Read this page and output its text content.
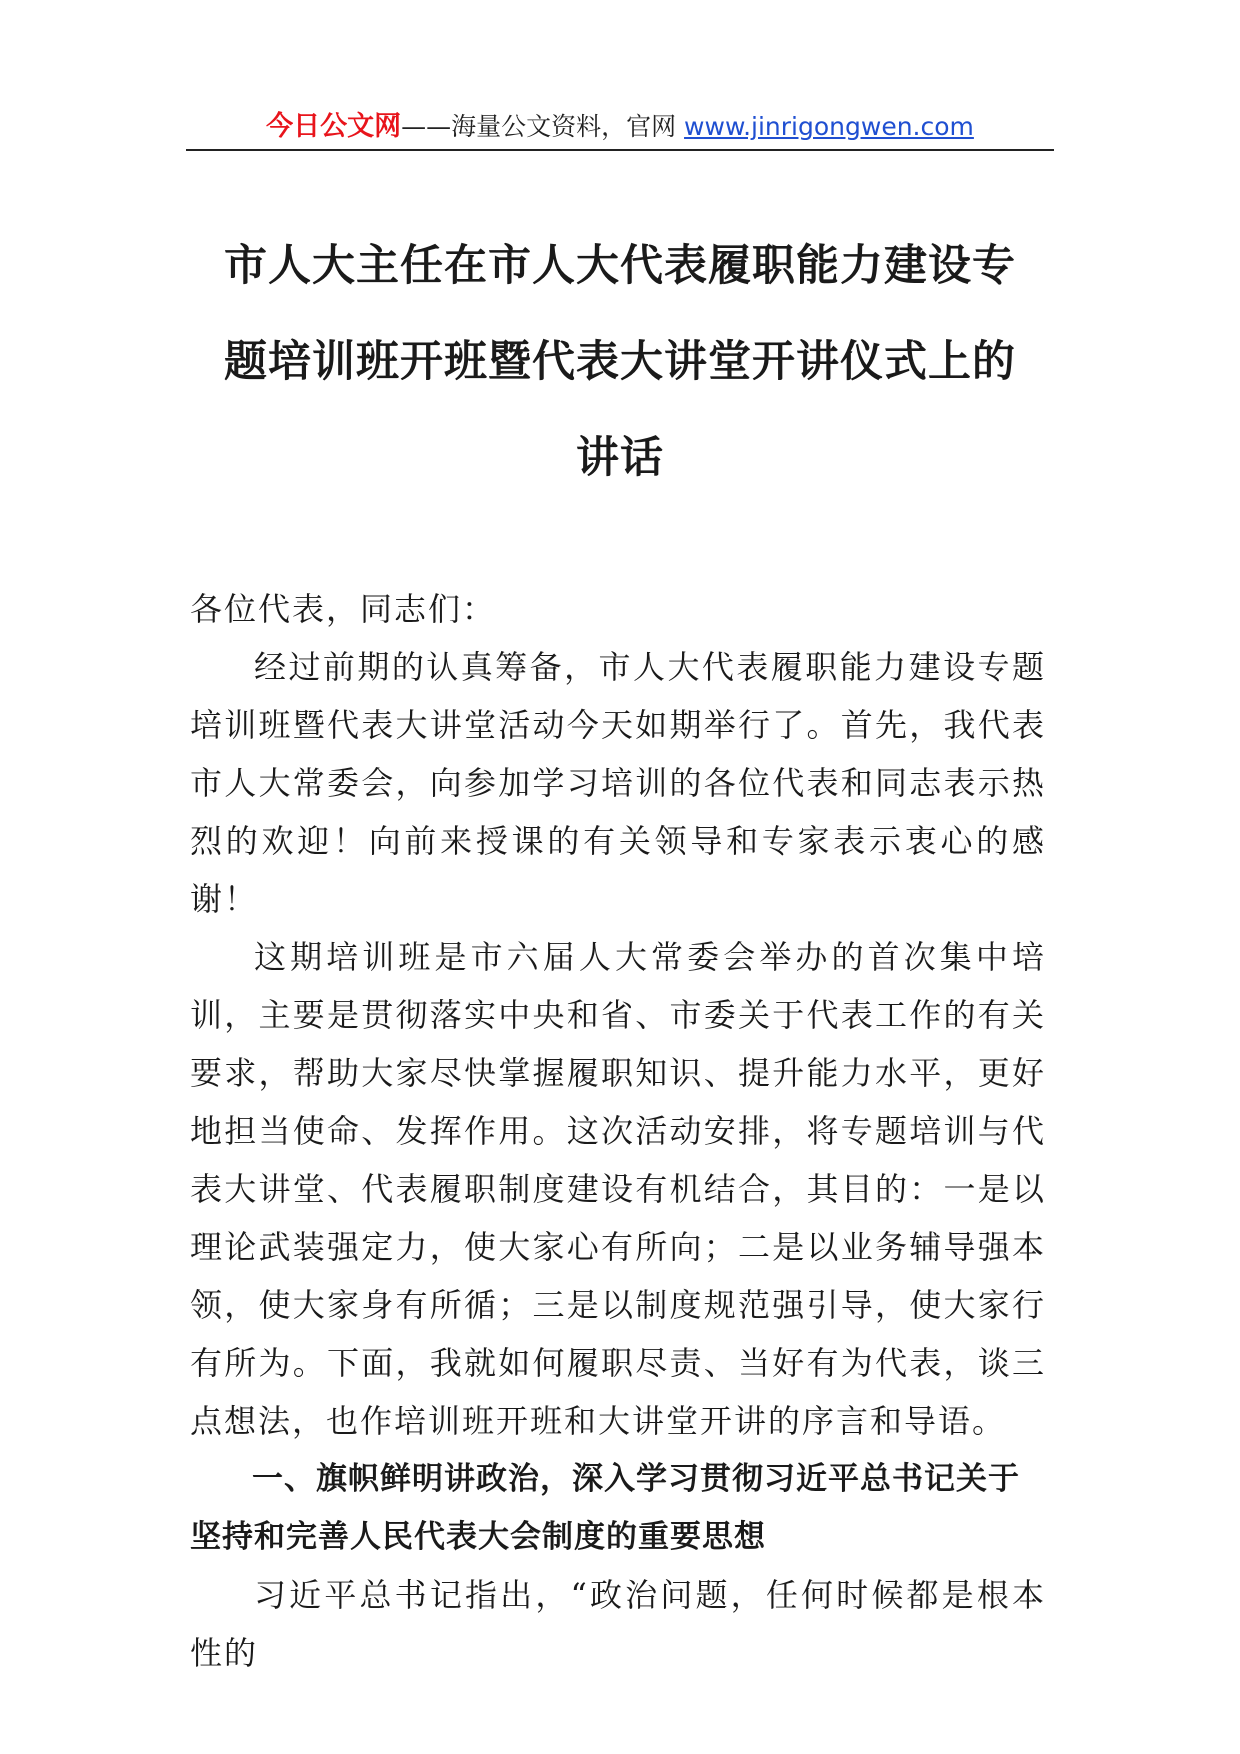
今日公文网——海量公文资料，官网 www.jinrigongwen.com
市人大主任在市人大代表履职能力建设专
题培训班开班暨代表大讲堂开讲仪式上的
讲话

各位代表，同志们：

经过前期的认真筹备，市人大代表履职能力建设专题培训班暨代表大讲堂活动今天如期举行了。首先，我代表市人大常委会，向参加学习培训的各位代表和同志表示热烈的欢迎！向前来授课的有关领导和专家表示衷心的感谢！

这期培训班是市六届人大常委会举办的首次集中培训，主要是贯彻落实中央和省、市委关于代表工作的有关要求，帮助大家尽快掌握履职知识、提升能力水平，更好地担当使命、发挥作用。这次活动安排，将专题培训与代表大讲堂、代表履职制度建设有机结合，其目的：一是以理论武装强定力，使大家心有所向；二是以业务辅导强本领，使大家身有所循；三是以制度规范强引导，使大家行有所为。下面，我就如何履职尽责、当好有为代表，谈三点想法，也作培训班开班和大讲堂开讲的序言和导语。

一、旗帜鲜明讲政治，深入学习贯彻习近平总书记关于坚持和完善人民代表大会制度的重要思想

习近平总书记指出，“政治问题，任何时候都是根本性的
